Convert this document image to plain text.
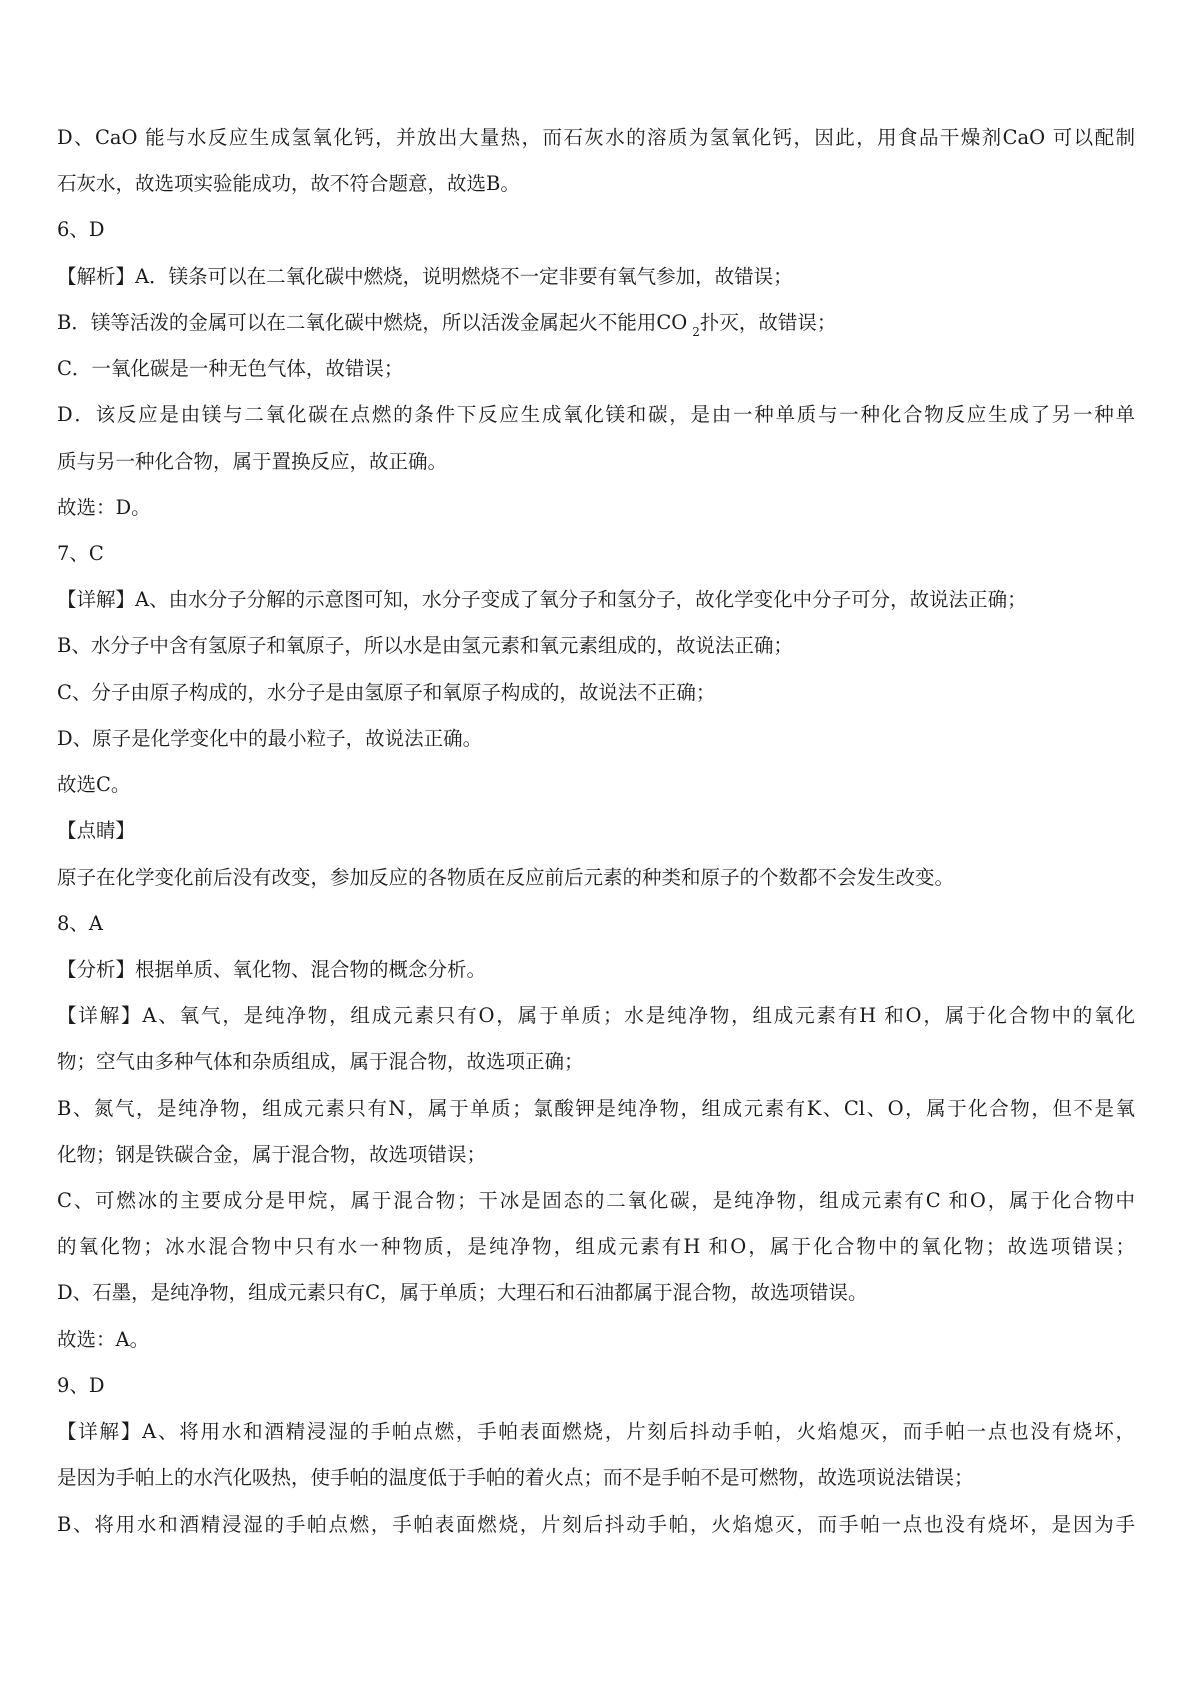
D、CaO 能与水反应生成氢氧化钙，并放出大量热，而石灰水的溶质为氢氧化钙，因此，用食品干燥剂CaO 可以配制
石灰水，故选项实验能成功，故不符合题意，故选B。
6、D
【解析】A．镁条可以在二氧化碳中燃烧，说明燃烧不一定非要有氧气参加，故错误；
B．镁等活泼的金属可以在二氧化碳中燃烧，所以活泼金属起火不能用CO $_2$扑灭，故错误；
C．一氧化碳是一种无色气体，故错误；
D．该反应是由镁与二氧化碳在点燃的条件下反应生成氧化镁和碳，是由一种单质与一种化合物反应生成了另一种单
质与另一种化合物，属于置换反应，故正确。
故选：D。
7、C
【详解】A、由水分子分解的示意图可知，水分子变成了氧分子和氢分子，故化学变化中分子可分，故说法正确；
B、水分子中含有氢原子和氧原子，所以水是由氢元素和氧元素组成的，故说法正确；
C、分子由原子构成的，水分子是由氢原子和氧原子构成的，故说法不正确；
D、原子是化学变化中的最小粒子，故说法正确。
故选C。
【点睛】
原子在化学变化前后没有改变，参加反应的各物质在反应前后元素的种类和原子的个数都不会发生改变。
8、A
【分析】根据单质、氧化物、混合物的概念分析。
【详解】A、氧气，是纯净物，组成元素只有O，属于单质；水是纯净物，组成元素有H 和O，属于化合物中的氧化
物；空气由多种气体和杂质组成，属于混合物，故选项正确；
B、氮气，是纯净物，组成元素只有N，属于单质；氯酸钾是纯净物，组成元素有K、Cl、O，属于化合物，但不是氧
化物；钢是铁碳合金，属于混合物，故选项错误；
C、可燃冰的主要成分是甲烷，属于混合物；干冰是固态的二氧化碳，是纯净物，组成元素有C 和O，属于化合物中
的氧化物；冰水混合物中只有水一种物质，是纯净物，组成元素有H 和O，属于化合物中的氧化物；故选项错误；
D、石墨，是纯净物，组成元素只有C，属于单质；大理石和石油都属于混合物，故选项错误。
故选：A。
9、D
【详解】A、将用水和酒精浸湿的手帕点燃，手帕表面燃烧，片刻后抖动手帕，火焰熄灭，而手帕一点也没有烧坏，
是因为手帕上的水汽化吸热，使手帕的温度低于手帕的着火点；而不是手帕不是可燃物，故选项说法错误；
B、将用水和酒精浸湿的手帕点燃，手帕表面燃烧，片刻后抖动手帕，火焰熄灭，而手帕一点也没有烧坏，是因为手
